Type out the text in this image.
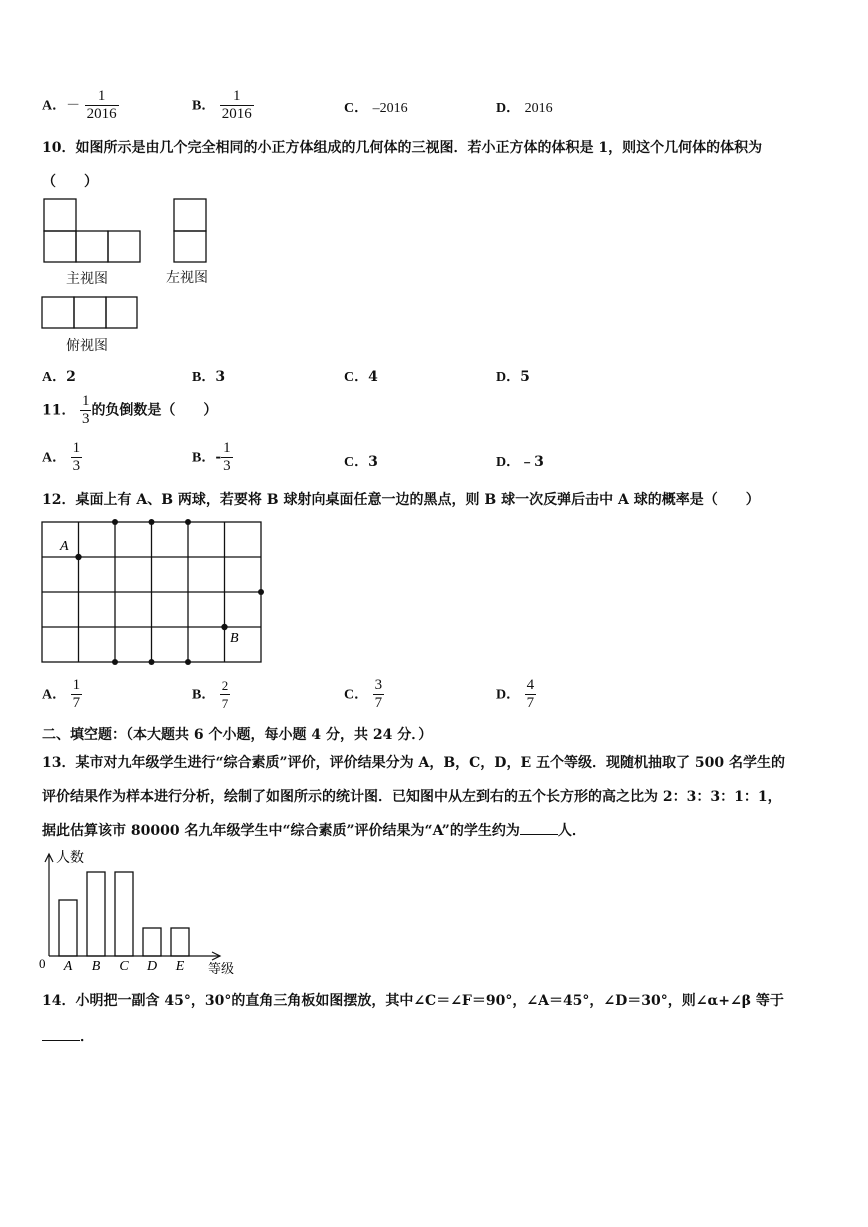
A．－ $\frac{1}{2016}$	B． $\frac{1}{2016}$	C． –2016	D． 2016
10．如图所示是由几个完全相同的小正方体组成的几何体的三视图．若小正方体的体积是 1，则这个几何体的体积为
（　　）
主视图	左视图
俯视图
A．2	B．3	C．4	D．5
11． $\frac{1}{3}$ 的负倒数是（　　）
A． $\frac{1}{3}$	B．- $\frac{1}{3}$	C．3	D．﹣3
12．桌面上有 A、B 两球，若要将 B 球射向桌面任意一边的黑点，则 B 球一次反弹后击中 A 球的概率是（　　）
A
B
A． $\frac{1}{7}$	B． $\frac{2}{7}$	C． $\frac{3}{7}$	D． $\frac{4}{7}$
二、填空题：（本大题共 6 个小题，每小题 4 分，共 24 分．）
13．某市对九年级学生进行“综合素质”评价，评价结果分为 A，B，C，D，E 五个等级．现随机抽取了 500 名学生的
评价结果作为样本进行分析，绘制了如图所示的统计图．已知图中从左到右的五个长方形的高之比为 2：3：3：1：1，
据此估算该市 80000 名九年级学生中“综合素质”评价结果为“A”的学生约为	人．
人数
等级
0 A B C D E
14．小明把一副含 45°，30°的直角三角板如图摆放，其中∠C＝∠F＝90°，∠A＝45°，∠D＝30°，则∠α+∠β 等于
．
